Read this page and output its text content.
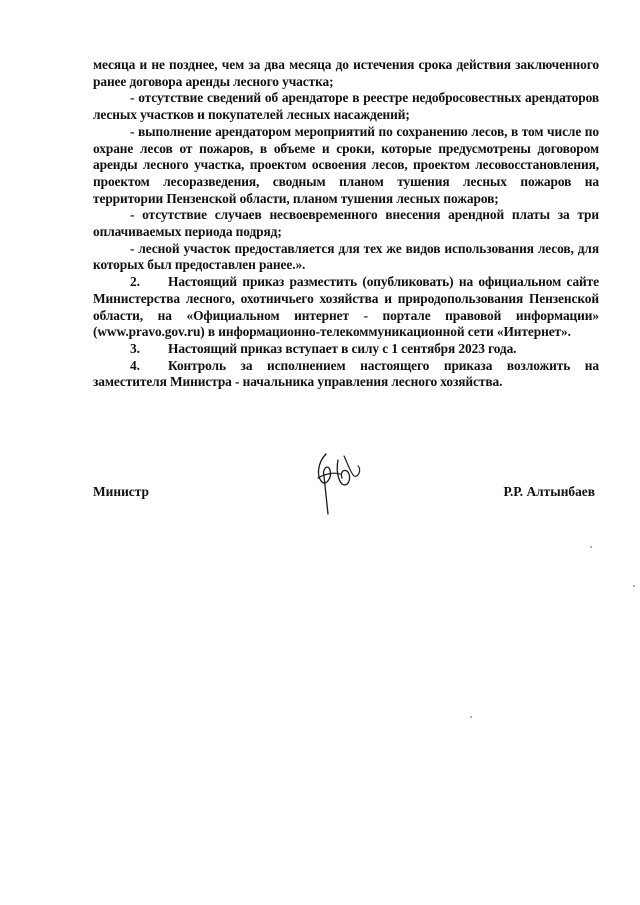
месяца и не позднее, чем за два месяца до истечения срока действия заключенного ранее договора аренды лесного участка;

- отсутствие сведений об арендаторе в реестре недобросовестных арендаторов лесных участков и покупателей лесных насаждений;

- выполнение арендатором мероприятий по сохранению лесов, в том числе по охране лесов от пожаров, в объеме и сроки, которые предусмотрены договором аренды лесного участка, проектом освоения лесов, проектом лесовосстановления, проектом лесоразведения, сводным планом тушения лесных пожаров на территории Пензенской области, планом тушения лесных пожаров;

- отсутствие случаев несвоевременного внесения арендной платы за три оплачиваемых периода подряд;

- лесной участок предоставляется для тех же видов использования лесов, для которых был предоставлен ранее.».

2. Настоящий приказ разместить (опубликовать) на официальном сайте Министерства лесного, охотничьего хозяйства и природопользования Пензенской области, на «Официальном интернет - портале правовой информации» (www.pravo.gov.ru) в информационно-телекоммуникационной сети «Интернет».

3. Настоящий приказ вступает в силу с 1 сентября 2023 года.

4. Контроль за исполнением настоящего приказа возложить на заместителя Министра - начальника управления лесного хозяйства.

Министр	Р.Р. Алтынбаев
